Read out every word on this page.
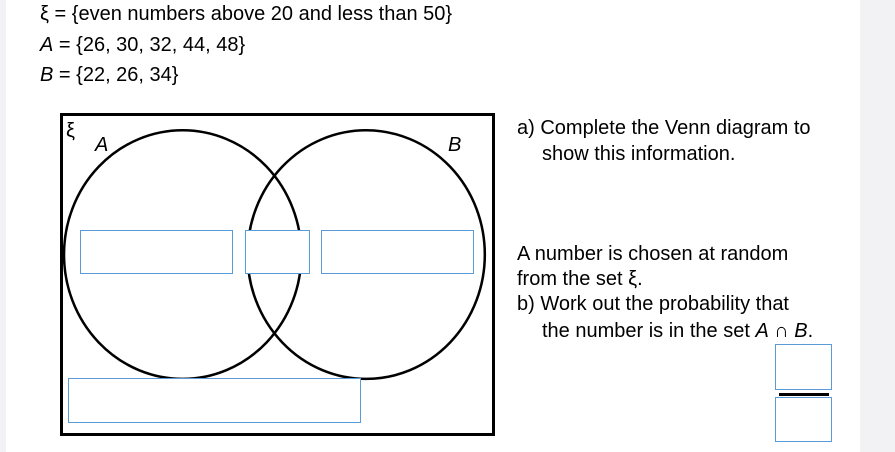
ξ = {even numbers above 20 and less than 50}
A = {26, 30, 32, 44, 48}
B = {22, 26, 34}
ξ
A	B
a) Complete the Venn diagram to
show this information.
A number is chosen at random
from the set ξ.
b) Work out the probability that
the number is in the set A ∩ B.
